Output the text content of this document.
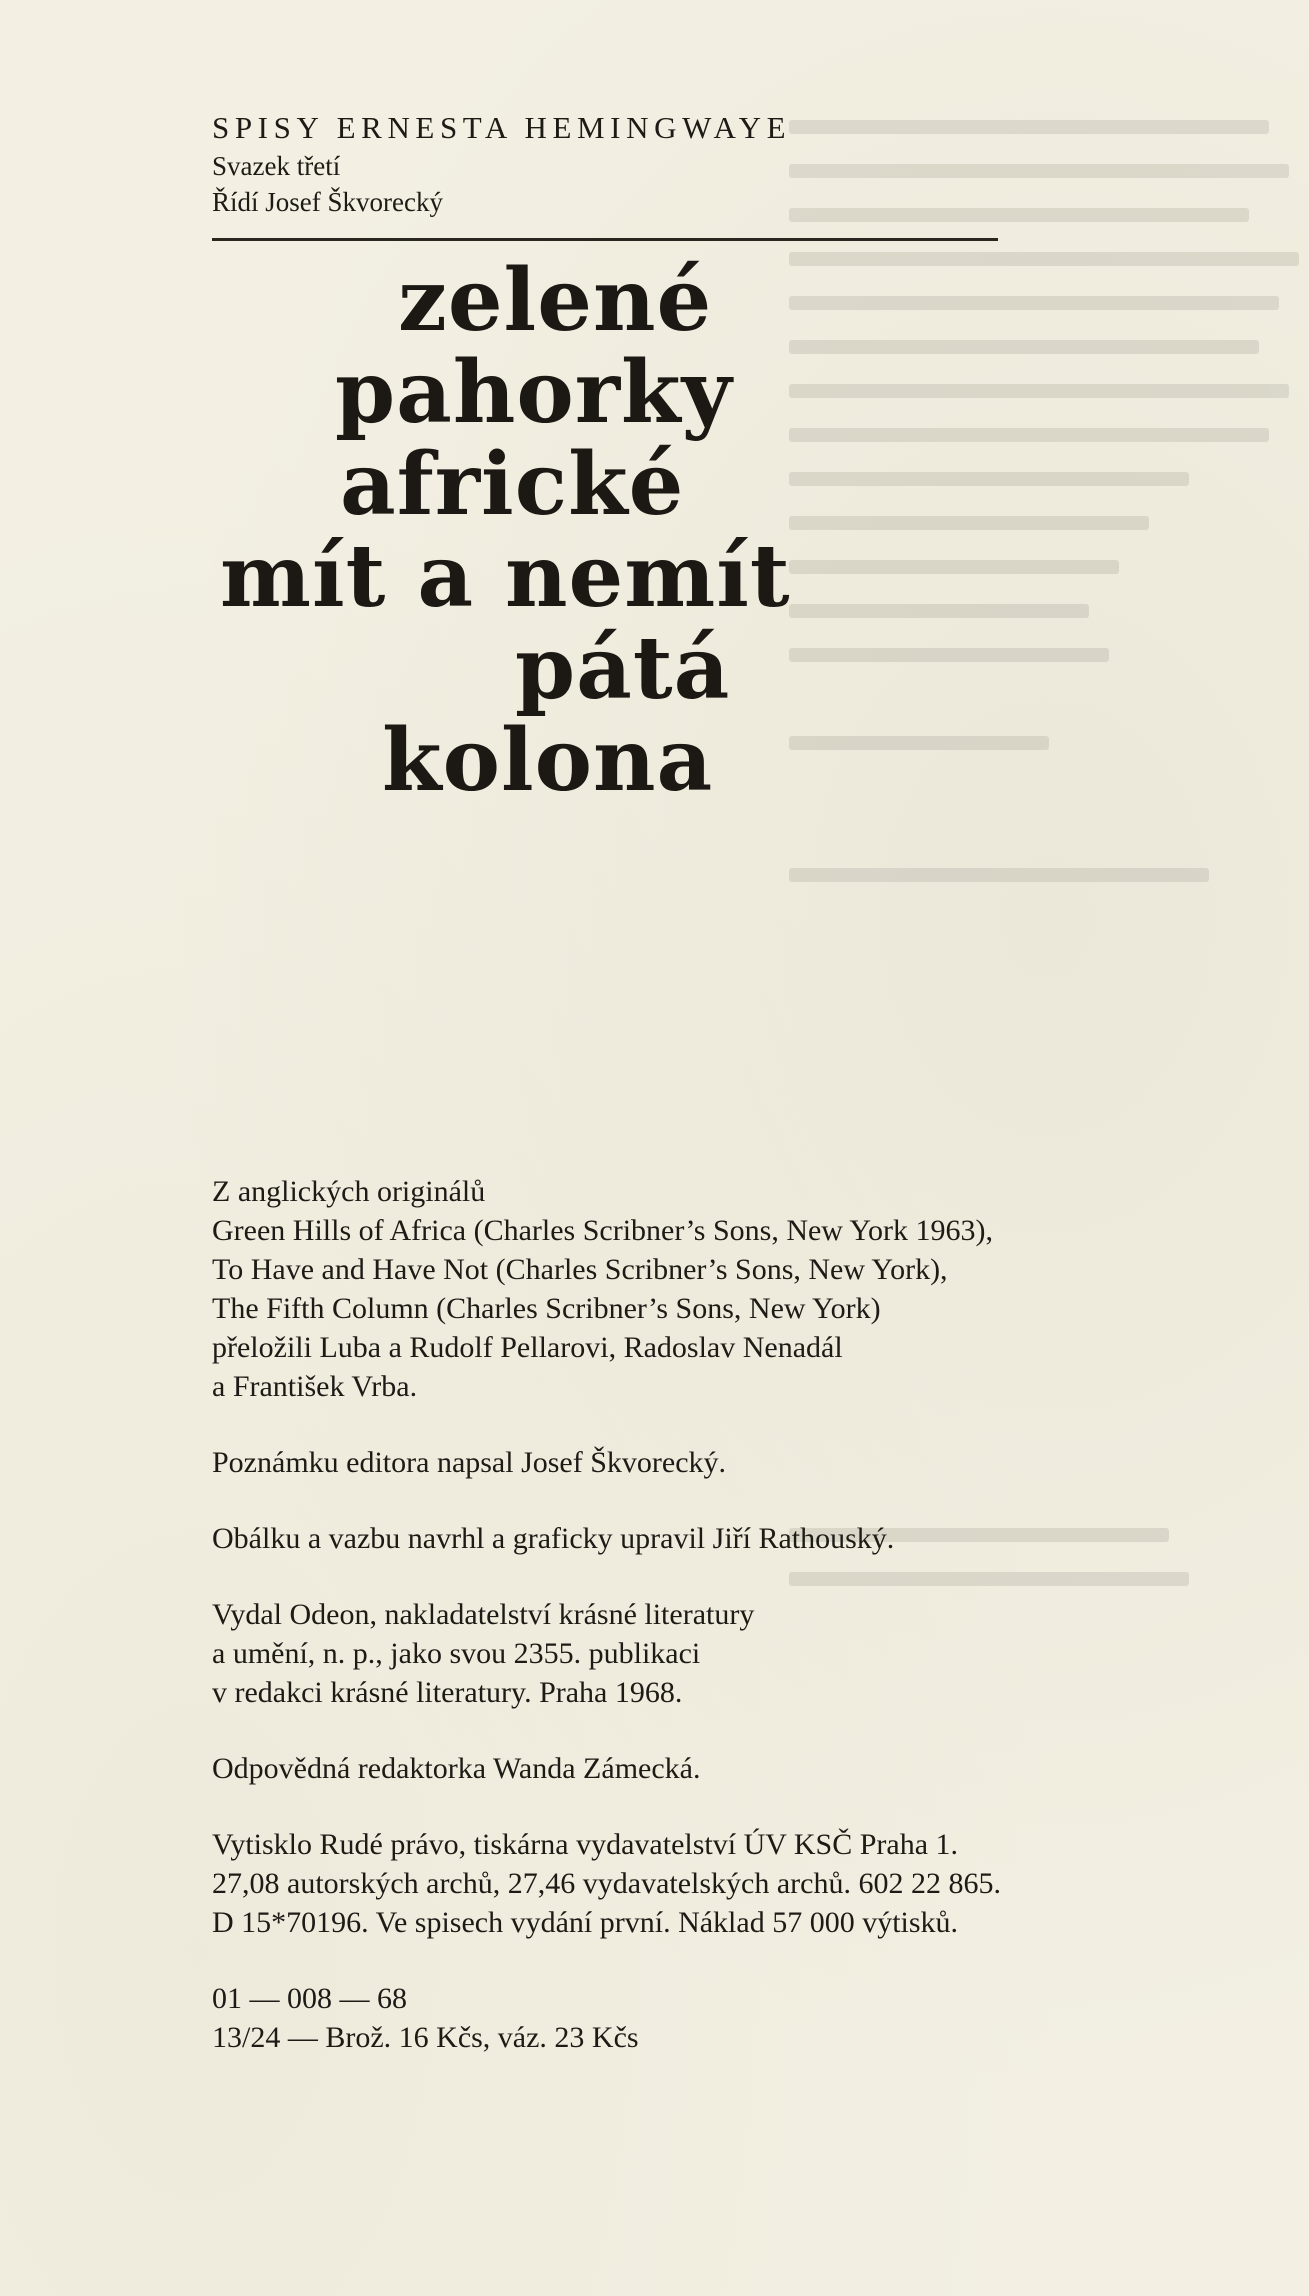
SPISY ERNESTA HEMINGWAYE

Svazek třetí

Řídí Josef Škvorecký

zelené

pahorky

africké

mít a nemít

pátá

kolona

Z anglických originálů

Green Hills of Africa (Charles Scribner’s Sons, New York 1963),

To Have and Have Not (Charles Scribner’s Sons, New York),

The Fifth Column (Charles Scribner’s Sons, New York)

přeložili Luba a Rudolf Pellarovi, Radoslav Nenadál

a František Vrba.

Poznámku editora napsal Josef Škvorecký.

Obálku a vazbu navrhl a graficky upravil Jiří Rathouský.

Vydal Odeon, nakladatelství krásné literatury

a umění, n. p., jako svou 2355. publikaci

v redakci krásné literatury. Praha 1968.

Odpovědná redaktorka Wanda Zámecká.

Vytisklo Rudé právo, tiskárna vydavatelství ÚV KSČ Praha 1.

27,08 autorských archů, 27,46 vydavatelských archů. 602 22 865.

D 15*70196. Ve spisech vydání první. Náklad 57 000 výtisků.

01 — 008 — 68

13/24 — Brož. 16 Kčs, váz. 23 Kčs
